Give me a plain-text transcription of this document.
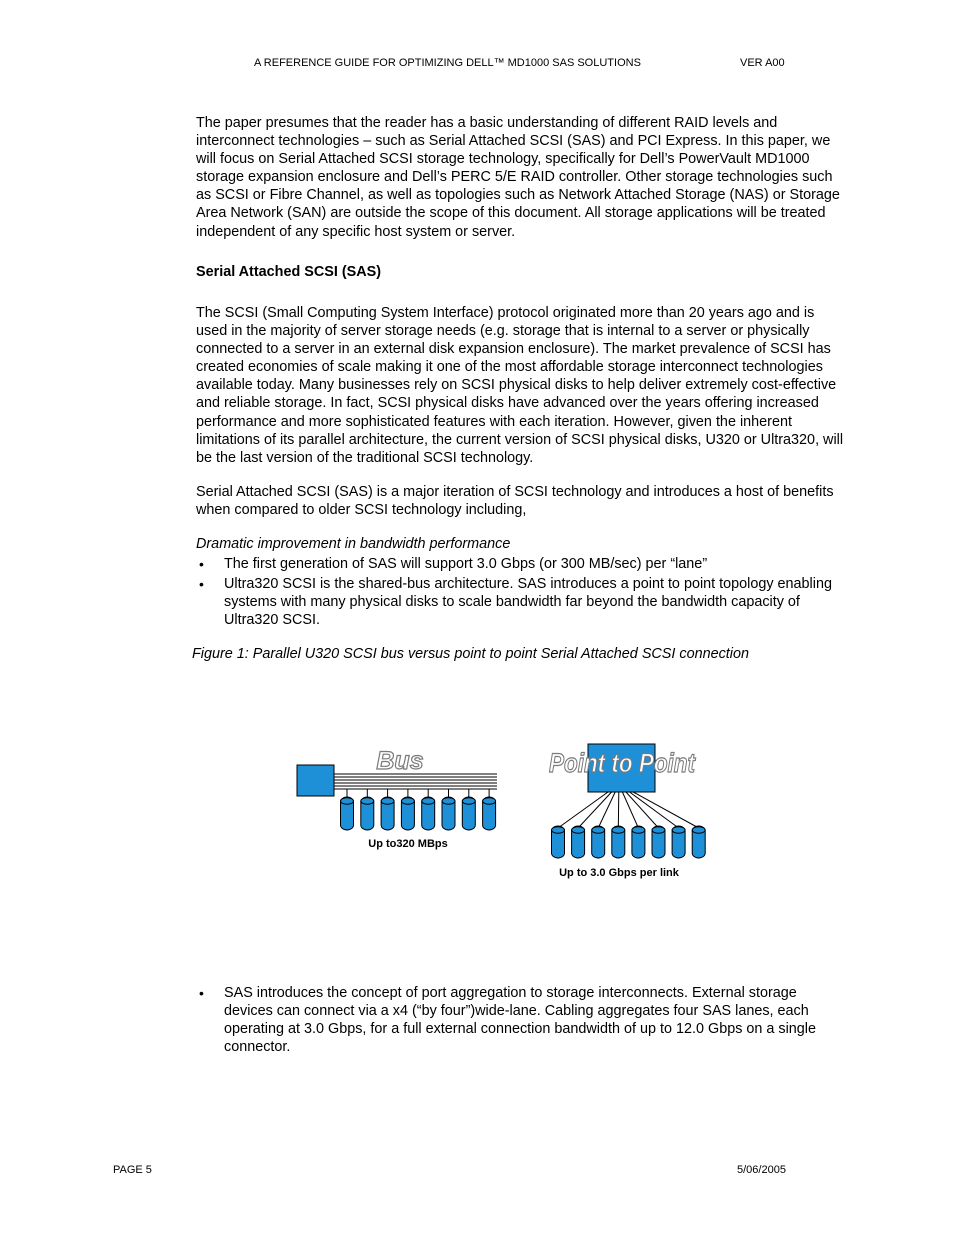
A REFERENCE GUIDE FOR OPTIMIZING DELL™ MD1000 SAS SOLUTIONS	VER A00

The paper presumes that the reader has a basic understanding of different RAID levels and interconnect technologies – such as Serial Attached SCSI (SAS) and PCI Express. In this paper, we will focus on Serial Attached SCSI storage technology, specifically for Dell’s PowerVault MD1000 storage expansion enclosure and Dell’s PERC 5/E RAID controller. Other storage technologies such as SCSI or Fibre Channel, as well as topologies such as Network Attached Storage (NAS) or Storage Area Network (SAN) are outside the scope of this document. All storage applications will be treated independent of any specific host system or server.

Serial Attached SCSI (SAS)

The SCSI (Small Computing System Interface) protocol originated more than 20 years ago and is used in the majority of server storage needs (e.g. storage that is internal to a server or physically connected to a server in an external disk expansion enclosure). The market prevalence of SCSI has created economies of scale making it one of the most affordable storage interconnect technologies available today. Many businesses rely on SCSI physical disks to help deliver extremely cost-effective and reliable storage. In fact, SCSI physical disks have advanced over the years offering increased performance and more sophisticated features with each iteration. However, given the inherent limitations of its parallel architecture, the current version of SCSI physical disks, U320 or Ultra320, will be the last version of the traditional SCSI technology.

Serial Attached SCSI (SAS) is a major iteration of SCSI technology and introduces a host of benefits when compared to older SCSI technology including,

Dramatic improvement in bandwidth performance

• The first generation of SAS will support 3.0 Gbps (or 300 MB/sec) per “lane”
• Ultra320 SCSI is the shared-bus architecture. SAS introduces a point to point topology enabling systems with many physical disks to scale bandwidth far beyond the bandwidth capacity of Ultra320 SCSI.

Figure 1: Parallel U320 SCSI bus versus point to point Serial Attached SCSI connection

Bus
Up to320 MBps
Point to Point
Up to 3.0 Gbps per link
• SAS introduces the concept of port aggregation to storage interconnects. External storage devices can connect via a x4 (“by four”)wide-lane. Cabling aggregates four SAS lanes, each operating at 3.0 Gbps, for a full external connection bandwidth of up to 12.0 Gbps on a single connector.
PAGE 5	5/06/2005
